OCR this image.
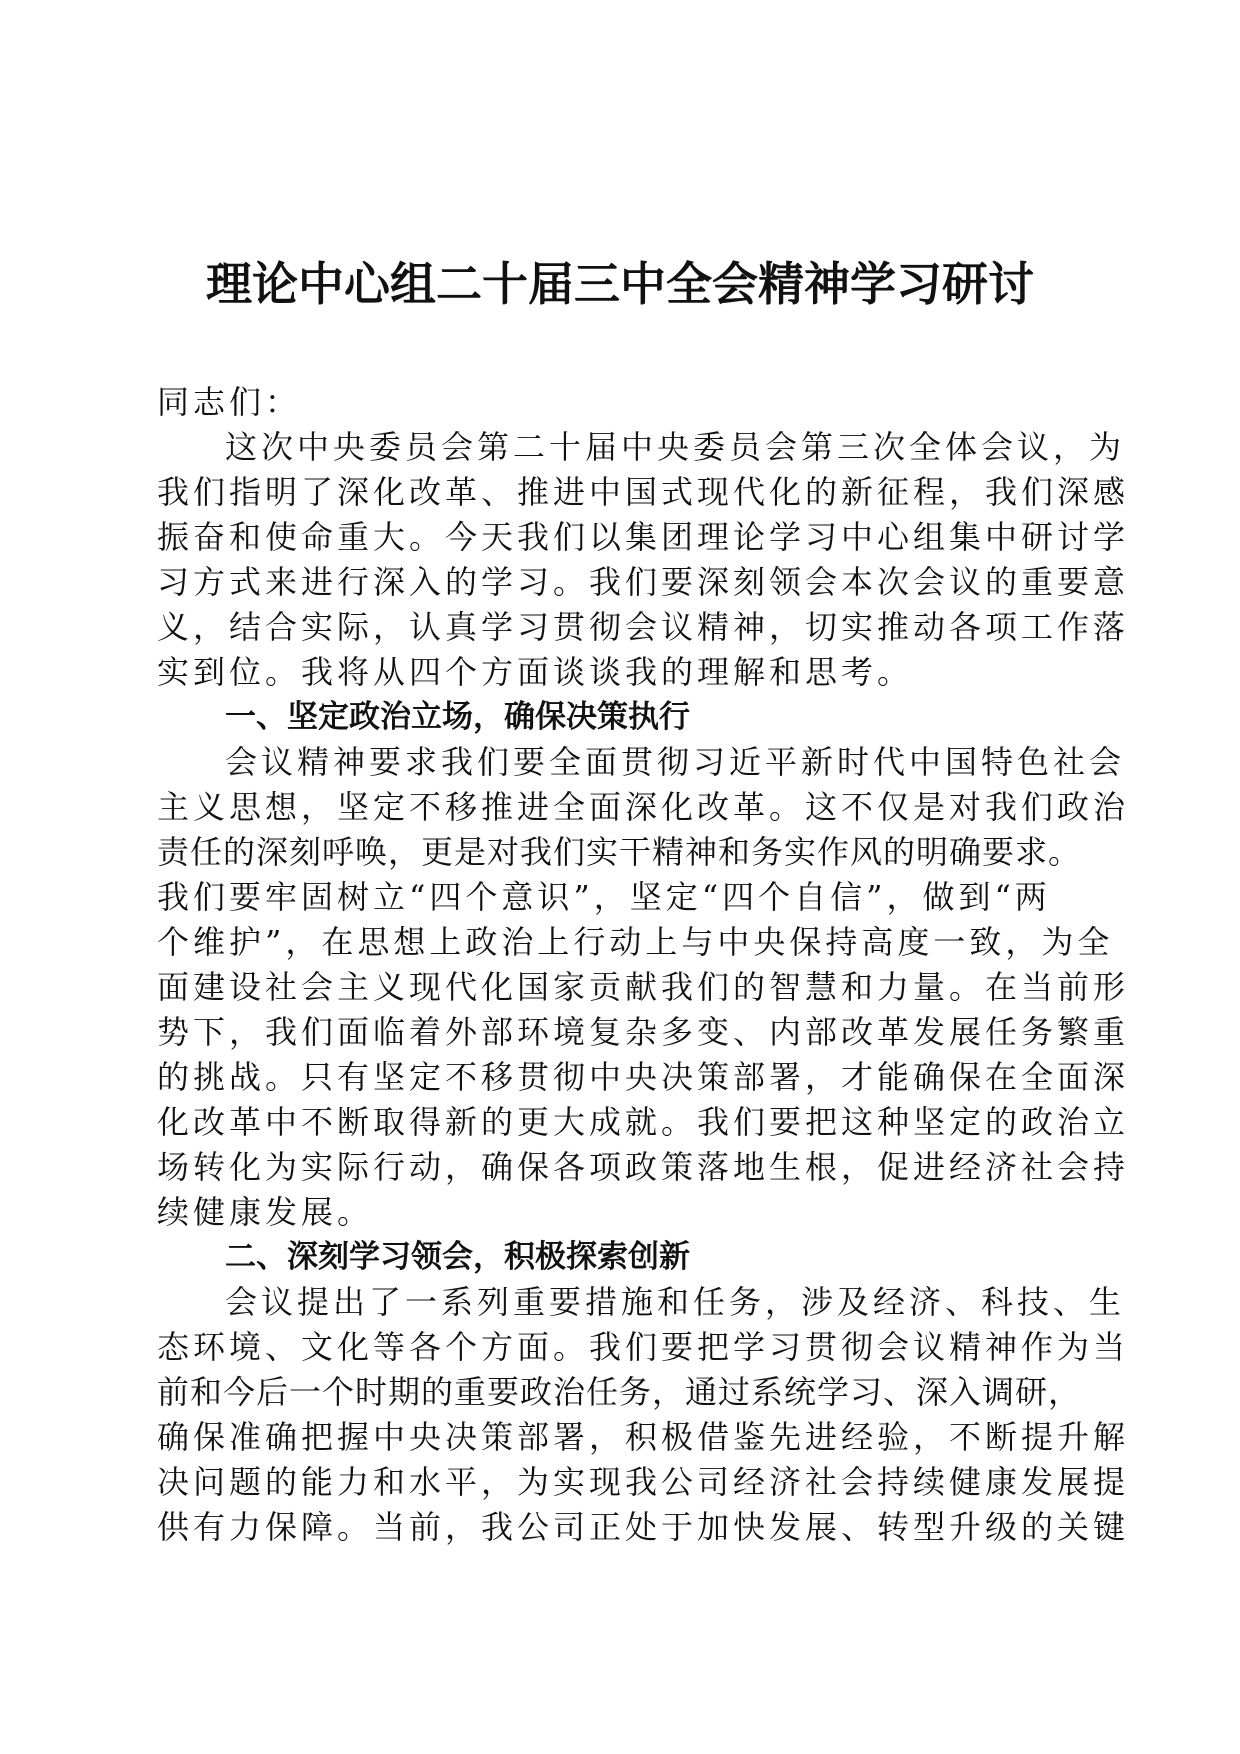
理论中心组二十届三中全会精神学习研讨
同志们：
这次中央委员会第二十届中央委员会第三次全体会议，为
我们指明了深化改革、推进中国式现代化的新征程，我们深感
振奋和使命重大。今天我们以集团理论学习中心组集中研讨学
习方式来进行深入的学习。我们要深刻领会本次会议的重要意
义，结合实际，认真学习贯彻会议精神，切实推动各项工作落
实到位。我将从四个方面谈谈我的理解和思考。
一、坚定政治立场，确保决策执行
会议精神要求我们要全面贯彻习近平新时代中国特色社会
主义思想，坚定不移推进全面深化改革。这不仅是对我们政治
责任的深刻呼唤，更是对我们实干精神和务实作风的明确要求。
我们要牢固树立“四个意识”，坚定“四个自信”，做到“两
个维护”，在思想上政治上行动上与中央保持高度一致，为全
面建设社会主义现代化国家贡献我们的智慧和力量。在当前形
势下，我们面临着外部环境复杂多变、内部改革发展任务繁重
的挑战。只有坚定不移贯彻中央决策部署，才能确保在全面深
化改革中不断取得新的更大成就。我们要把这种坚定的政治立
场转化为实际行动，确保各项政策落地生根，促进经济社会持
续健康发展。
二、深刻学习领会，积极探索创新
会议提出了一系列重要措施和任务，涉及经济、科技、生
态环境、文化等各个方面。我们要把学习贯彻会议精神作为当
前和今后一个时期的重要政治任务，通过系统学习、深入调研，
确保准确把握中央决策部署，积极借鉴先进经验，不断提升解
决问题的能力和水平，为实现我公司经济社会持续健康发展提
供有力保障。当前，我公司正处于加快发展、转型升级的关键
